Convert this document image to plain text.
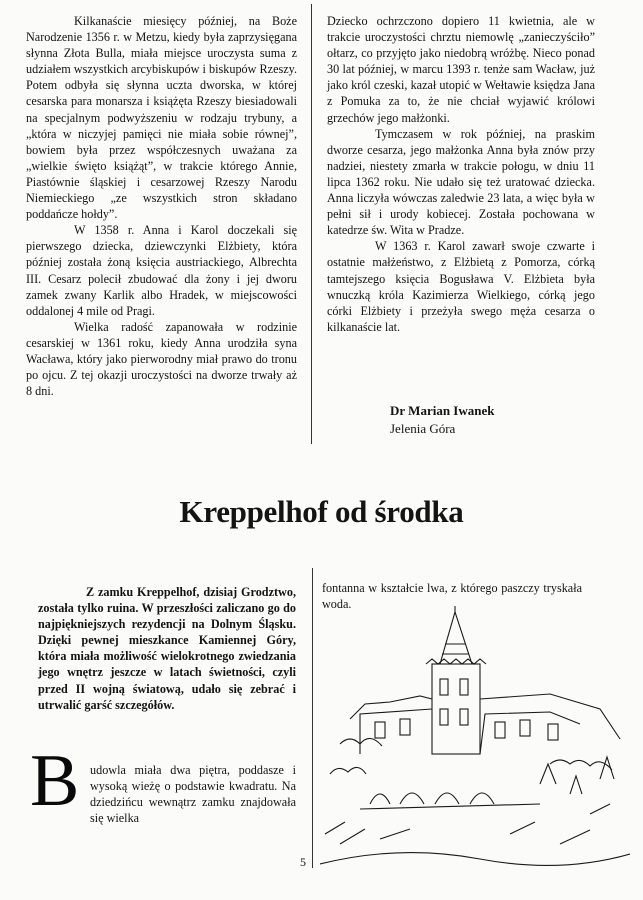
Kilkanaście miesięcy później, na Boże Narodzenie 1356 r. w Metzu, kiedy była zaprzysięgana słynna Złota Bulla, miała miejsce uroczysta suma z udziałem wszystkich arcybiskupów i biskupów Rzeszy. Potem odbyła się słynna uczta dworska, w której cesarska para monarsza i książęta Rzeszy biesiadowali na specjalnym podwyższeniu w rodzaju trybuny, a „która w niczyjej pamięci nie miała sobie równej”, bowiem była przez współczesnych uważana za „wielkie święto książąt”, w trakcie którego Annie, Piastównie śląskiej i cesarzowej Rzeszy Narodu Niemieckiego „ze wszystkich stron składano poddańcze hołdy”.

W 1358 r. Anna i Karol doczekali się pierwszego dziecka, dziewczynki Elżbiety, która później została żoną księcia austriackiego, Albrechta III. Cesarz polecił zbudować dla żony i jej dworu zamek zwany Karlik albo Hradek, w miejscowości oddalonej 4 mile od Pragi.

Wielka radość zapanowała w rodzinie cesarskiej w 1361 roku, kiedy Anna urodziła syna Wacława, który jako pierworodny miał prawo do tronu po ojcu. Z tej okazji uroczystości na dworze trwały aż 8 dni.

Dziecko ochrzczono dopiero 11 kwietnia, ale w trakcie uroczystości chrztu niemowlę „zanieczyściło” ołtarz, co przyjęto jako niedobrą wróżbę. Nieco ponad 30 lat później, w marcu 1393 r. tenże sam Wacław, już jako król czeski, kazał utopić w Wełtawie księdza Jana z Pomuka za to, że nie chciał wyjawić królowi grzechów jego małżonki.

Tymczasem w rok później, na praskim dworze cesarza, jego małżonka Anna była znów przy nadziei, niestety zmarła w trakcie połogu, w dniu 11 lipca 1362 roku. Nie udało się też uratować dziecka. Anna liczyła wówczas zaledwie 23 lata, a więc była w pełni sił i urody kobiecej. Została pochowana w katedrze św. Wita w Pradze.

W 1363 r. Karol zawarł swoje czwarte i ostatnie małżeństwo, z Elżbietą z Pomorza, córką tamtejszego księcia Bogusława V. Elżbieta była wnuczką króla Kazimierza Wielkiego, córką jego córki Elżbiety i przeżyła swego męża cesarza o kilkanaście lat.

Dr Marian Iwanek
Jelenia Góra
Kreppelhof od środka

Z zamku Kreppelhof, dzisiaj Grodztwo, została tylko ruina. W przeszłości zaliczano go do najpiękniejszych rezydencji na Dolnym Śląsku. Dzięki pewnej mieszkance Kamiennej Góry, która miała możliwość wielokrotnego zwiedzania jego wnętrz jeszcze w latach świetności, czyli przed II wojną światową, udało się zebrać i utrwalić garść szczegółów.

B udowla miała dwa piętra, poddasze i wysoką wieżę o podstawie kwadratu. Na dziedzińcu wewnątrz zamku znajdowała się wielka

fontanna w kształcie lwa, z którego paszczy tryskała woda.

5
